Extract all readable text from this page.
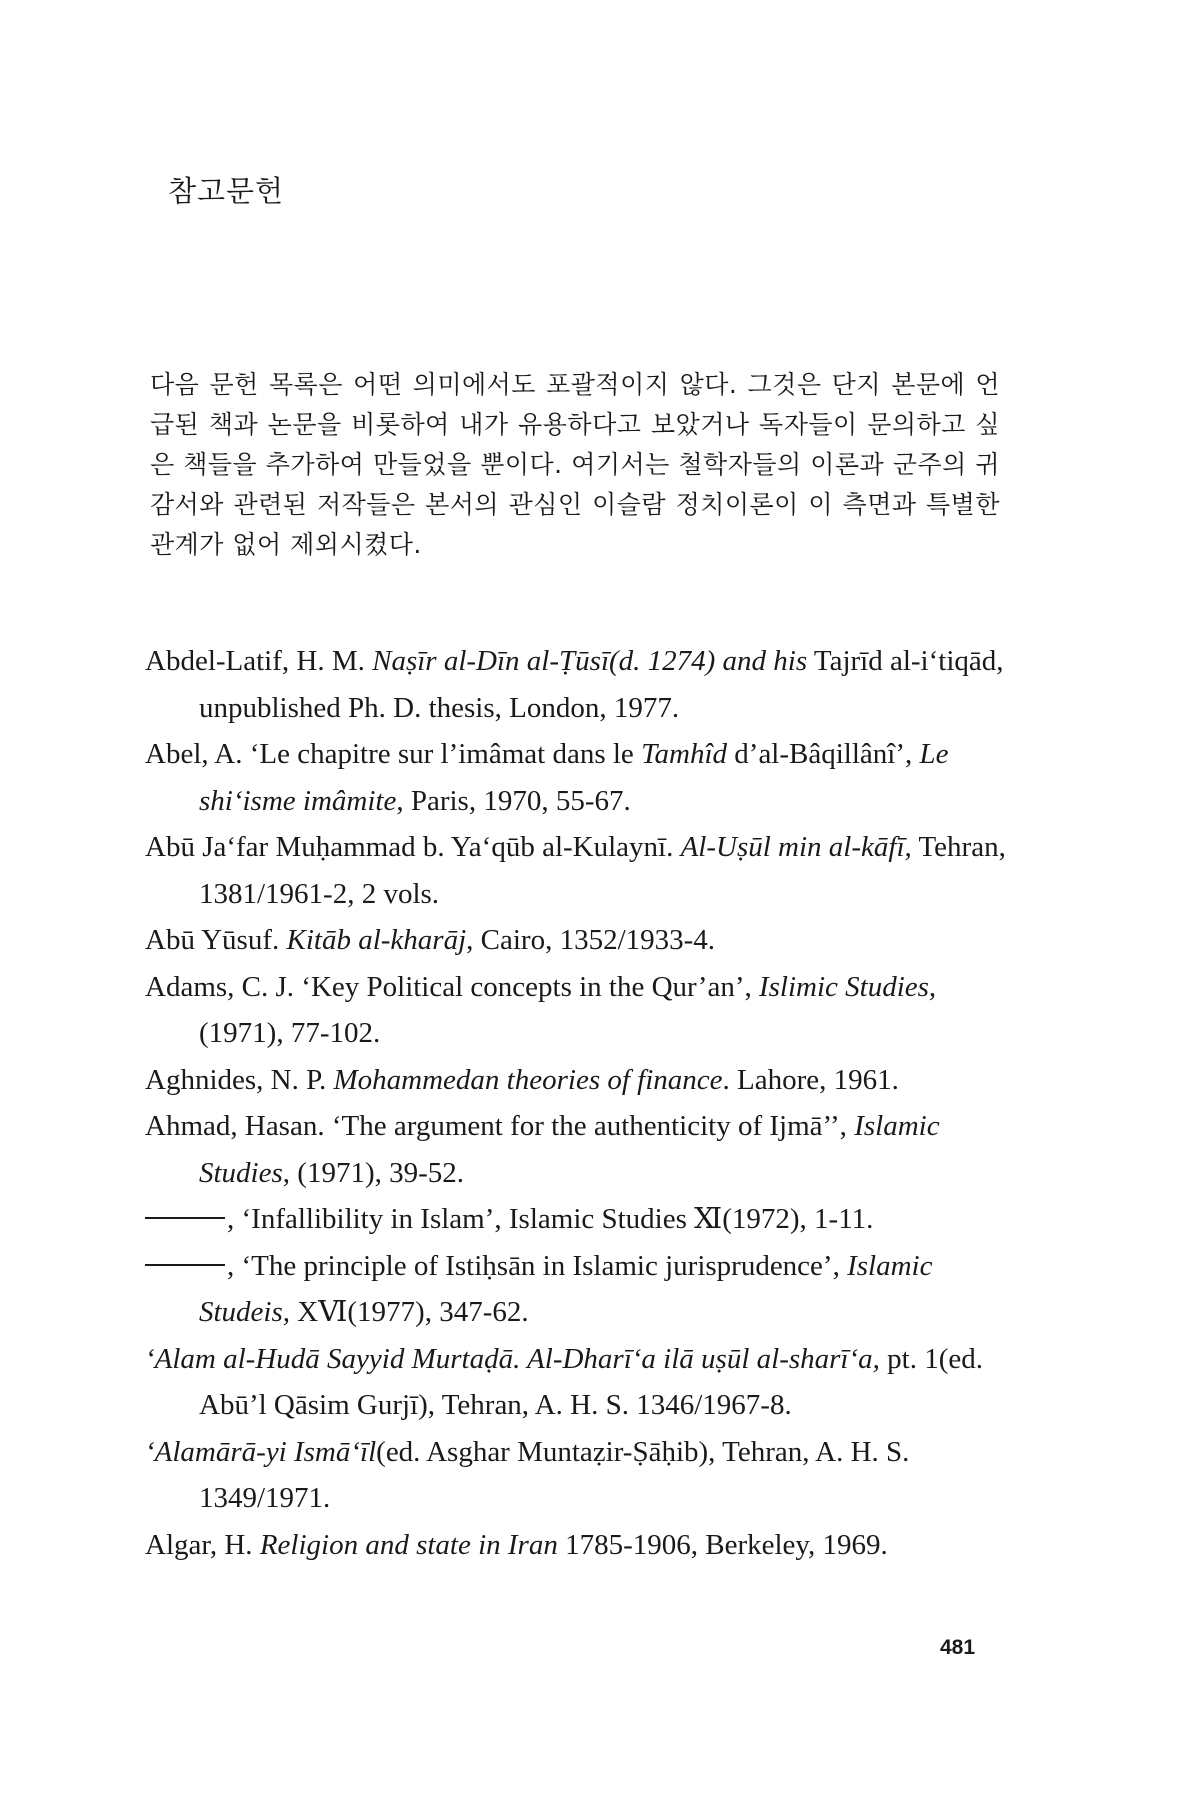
참고문헌

다음 문헌 목록은 어떤 의미에서도 포괄적이지 않다. 그것은 단지 본문에 언급된 책과 논문을 비롯하여 내가 유용하다고 보았거나 독자들이 문의하고 싶은 책들을 추가하여 만들었을 뿐이다. 여기서는 철학자들의 이론과 군주의 귀감서와 관련된 저작들은 본서의 관심인 이슬람 정치이론이 이 측면과 특별한 관계가 없어 제외시켰다.

Abdel-Latif, H. M. Naṣīr al-Dīn al-Ṭūsī(d. 1274) and his Tajrīd al-i‘tiqād, unpublished Ph. D. thesis, London, 1977.
Abel, A. ‘Le chapitre sur l’imâmat dans le Tamhîd d’al-Bâqillânî’, Le shi‘isme imâmite, Paris, 1970, 55-67.
Abū Ja‘far Muḥammad b. Ya‘qūb al-Kulaynī. Al-Uṣūl min al-kāfī, Tehran, 1381/1961-2, 2 vols.
Abū Yūsuf. Kitāb al-kharāj, Cairo, 1352/1933-4.
Adams, C. J. ‘Key Political concepts in the Qur’an’, Islimic Studies, (1971), 77-102.
Aghnides, N. P. Mohammedan theories of finance. Lahore, 1961.
Ahmad, Hasan. ‘The argument for the authenticity of Ijmā’’, Islamic Studies, (1971), 39-52.
, ‘Infallibility in Islam’, Islamic Studies Ⅺ(1972), 1-11.
, ‘The principle of Istiḥsān in Islamic jurisprudence’, Islamic Studeis, XⅥ(1977), 347-62.
‘Alam al-Hudā Sayyid Murtaḍā. Al-Dharī‘a ilā uṣūl al-sharī‘a, pt. 1(ed. Abū’l Qāsim Gurjī), Tehran, A. H. S. 1346/1967-8.
‘Alamārā-yi Ismā‘īl(ed. Asghar Muntaẓir-Ṣāḥib), Tehran, A. H. S. 1349/1971.
Algar, H. Religion and state in Iran 1785-1906, Berkeley, 1969.
481
